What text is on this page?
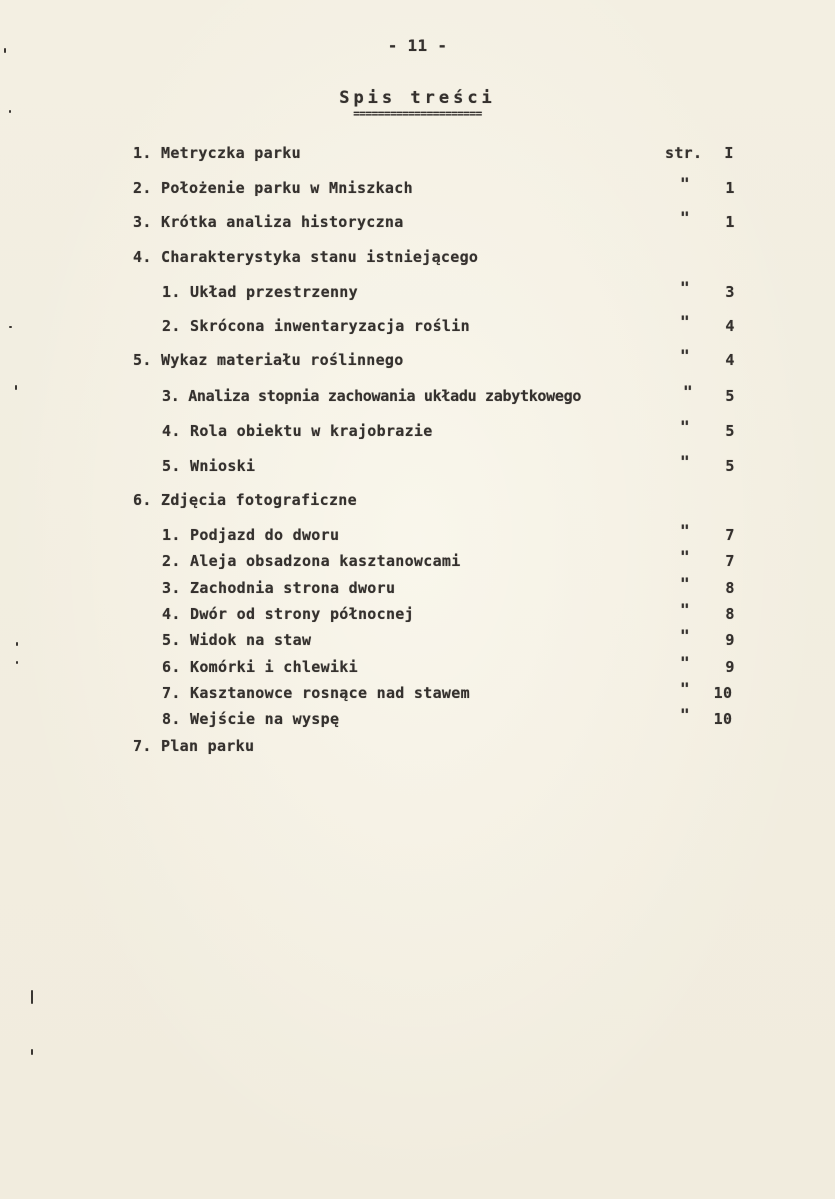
- 11 -
Spis treści
=====================
1. Metryczka parku	str.	I
2. Położenie parku w Mniszkach	"	1
3. Krótka analiza historyczna	"	1
4. Charakterystyka stanu istniejącego
1. Układ przestrzenny	"	3
2. Skrócona inwentaryzacja roślin	"	4
5. Wykaz materiału roślinnego	"	4
3. Analiza stopnia zachowania układu zabytkowego	"	5
4. Rola obiektu w krajobrazie	"	5
5. Wnioski	"	5
6. Zdjęcia fotograficzne
1. Podjazd do dworu	"	7
2. Aleja obsadzona kasztanowcami	"	7
3. Zachodnia strona dworu	"	8
4. Dwór od strony północnej	"	8
5. Widok na staw	"	9
6. Komórki i chlewiki	"	9
7. Kasztanowce rosnące nad stawem	"	10
8. Wejście na wyspę	"	10
7. Plan parku
